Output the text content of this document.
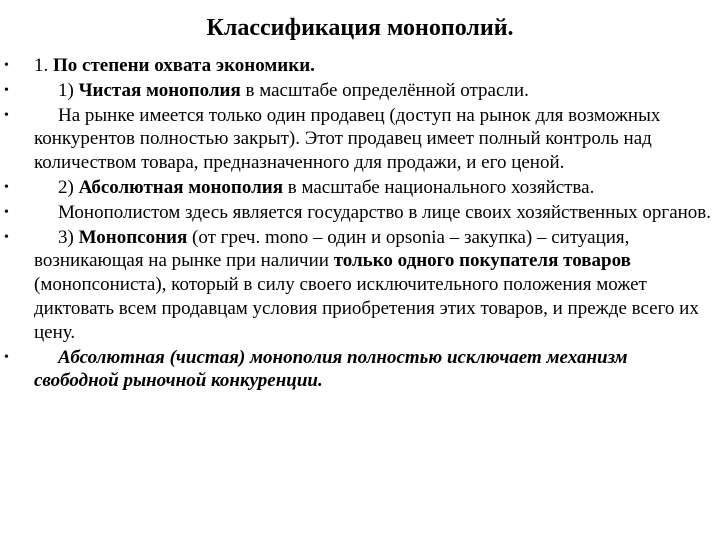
Классификация монополий.
• 1. По степени охвата экономики.
•	1) Чистая монополия в масштабе определённой отрасли.
•	На рынке имеется только один продавец (доступ на рынок для возможных конкурентов полностью закрыт). Этот продавец имеет полный контроль над количеством товара, предназначенного для продажи, и его ценой.
•	2) Абсолютная монополия в масштабе национального хозяйства.
•	Монополистом здесь является государство в лице своих хозяйственных органов.
•	3) Монопсония (от греч. mono – один и opsonia – закупка) – ситуация, возникающая на рынке при наличии только одного покупателя товаров (монопсониста), который в силу своего исключительного положения может диктовать всем продавцам условия приобретения этих товаров, и прежде всего их цену.
•	Абсолютная (чистая) монополия полностью исключает механизм свободной рыночной конкуренции.
